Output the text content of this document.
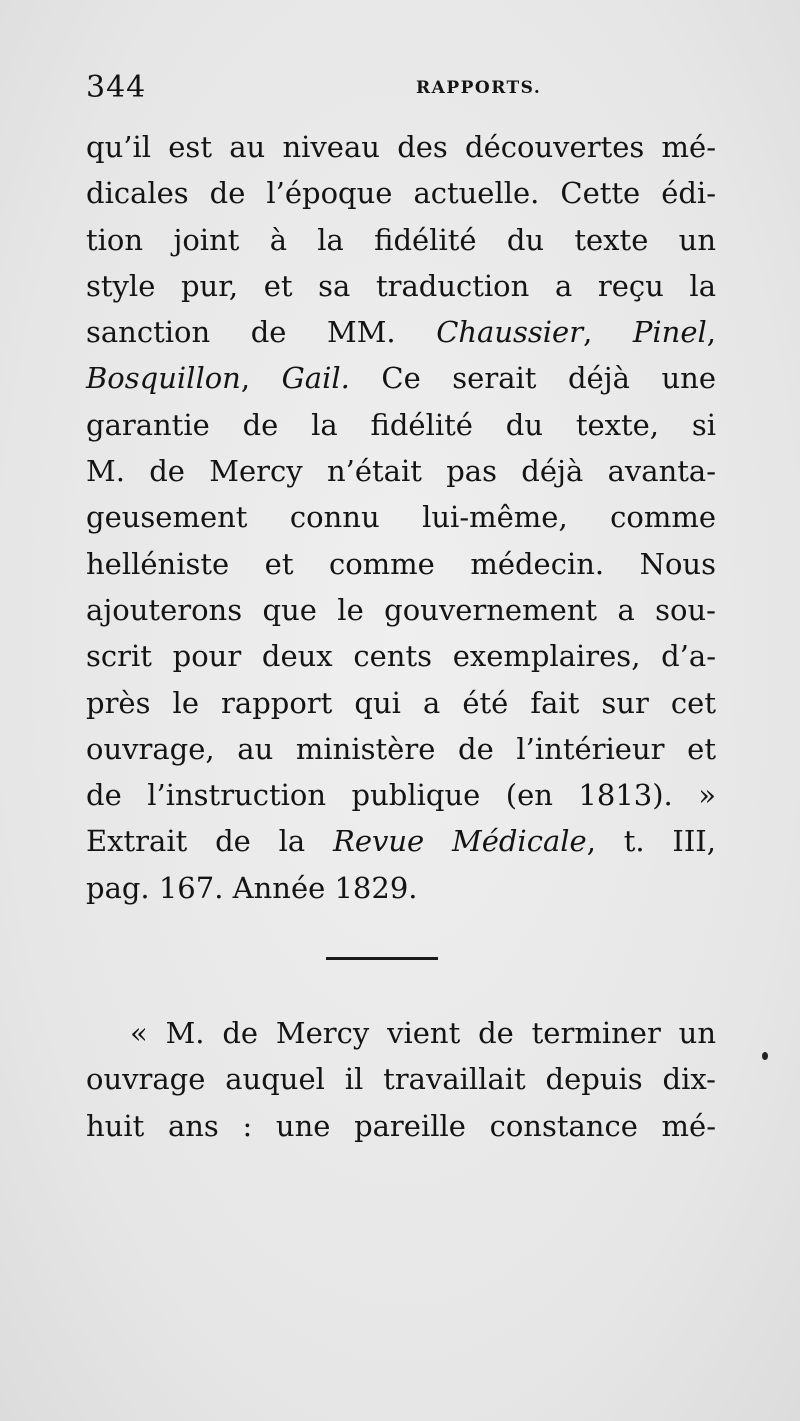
344	RAPPORTS.
qu’il est au niveau des découvertes mé-
dicales de l’époque actuelle. Cette édi-
tion joint à la fidélité du texte un
style pur, et sa traduction a reçu la
sanction de MM. Chaussier, Pinel,
Bosquillon, Gail. Ce serait déjà une
garantie de la fidélité du texte, si
M. de Mercy n’était pas déjà avanta-
geusement connu lui-même, comme
helléniste et comme médecin. Nous
ajouterons que le gouvernement a sou-
scrit pour deux cents exemplaires, d’a-
près le rapport qui a été fait sur cet
ouvrage, au ministère de l’intérieur et
de l’instruction publique (en 1813). »
Extrait de la Revue Médicale, t. III,
pag. 167. Année 1829.
« M. de Mercy vient de terminer un
ouvrage auquel il travaillait depuis dix-
huit ans : une pareille constance mé-
